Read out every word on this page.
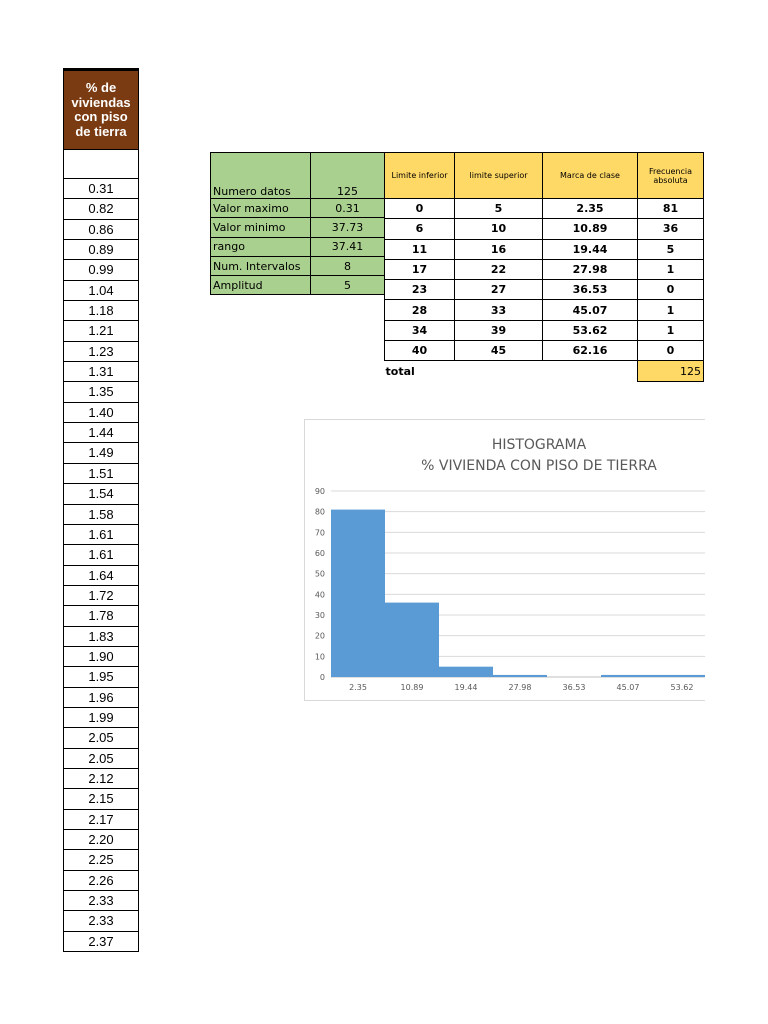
% de viviendas con piso de tierra
0.31
0.82
0.86
0.89
0.99
1.04
1.18
1.21
1.23
1.31
1.35
1.40
1.44
1.49
1.51
1.54
1.58
1.61
1.61
1.64
1.72
1.78
1.83
1.90
1.95
1.96
1.99
2.05
2.05
2.12
2.15
2.17
2.20
2.25
2.26
2.33
2.33
2.37
Numero datos	125
Valor maximo	0.31
Valor minimo	37.73
rango	37.41
Num. Intervalos	8
Amplitud	5
Limite inferior	limite superior	Marca de clase	Frecuencia absoluta
0	5	2.35	81
6	10	10.89	36
11	16	19.44	5
17	22	27.98	1
23	27	36.53	0
28	33	45.07	1
34	39	53.62	1
40	45	62.16	0
total			125
HISTOGRAMA
% VIVIENDA CON PISO DE TIERRA
0
10
20
30
40
50
60
70
80
90
2.35	10.89	19.44	27.98	36.53	45.07	53.62
